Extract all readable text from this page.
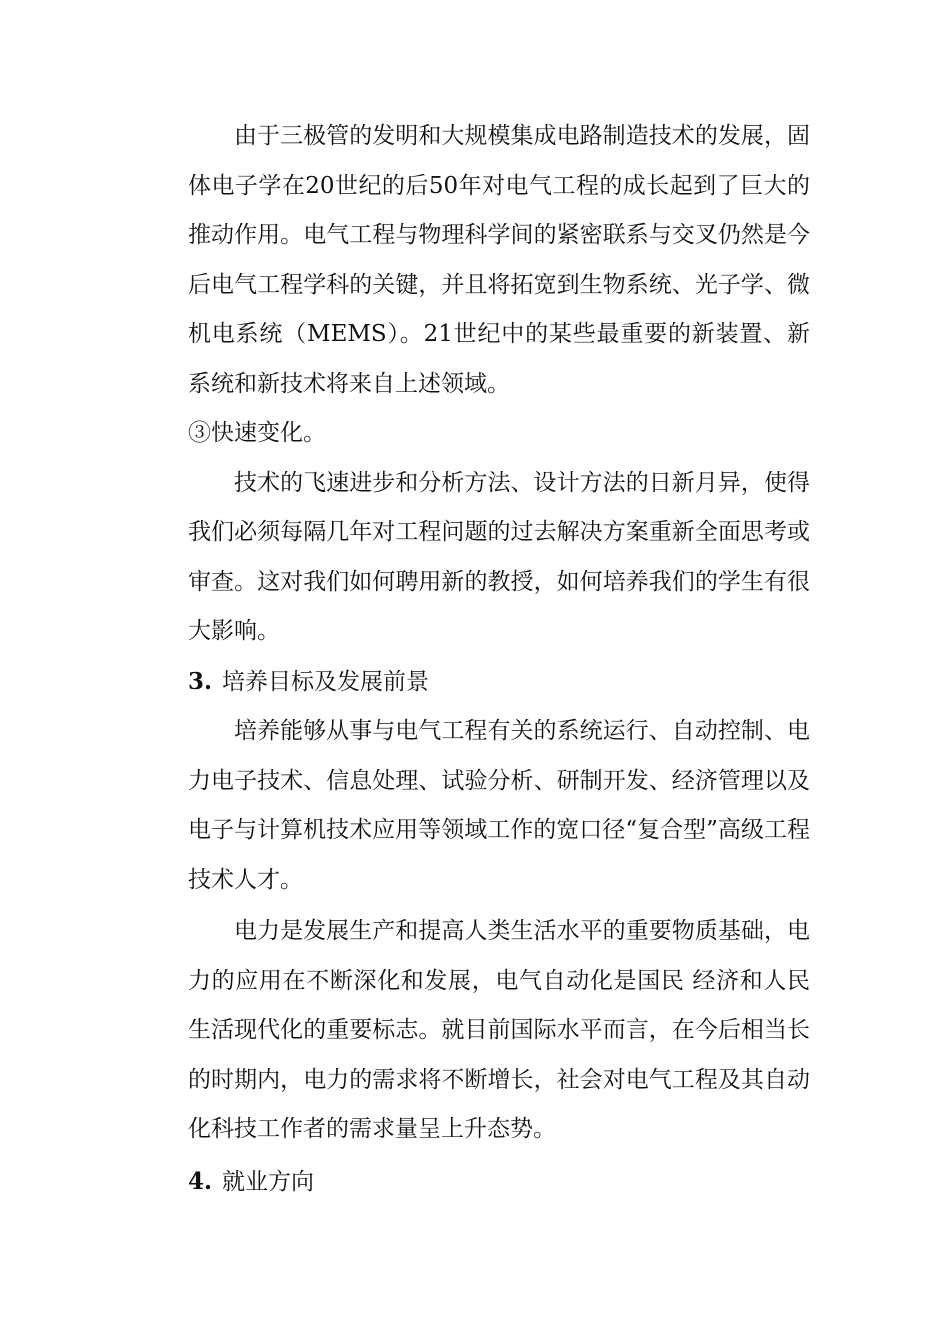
由于三极管的发明和大规模集成电路制造技术的发展，固体电子学在20世纪的后50年对电气工程的成长起到了巨大的推动作用。电气工程与物理科学间的紧密联系与交叉仍然是今后电气工程学科的关键，并且将拓宽到生物系统、光子学、微机电系统（MEMS）。21世纪中的某些最重要的新装置、新系统和新技术将来自上述领域。

③快速变化。

技术的飞速进步和分析方法、设计方法的日新月异，使得我们必须每隔几年对工程问题的过去解决方案重新全面思考或审查。这对我们如何聘用新的教授，如何培养我们的学生有很大影响。

3. 培养目标及发展前景

培养能够从事与电气工程有关的系统运行、自动控制、电力电子技术、信息处理、试验分析、研制开发、经济管理以及电子与计算机技术应用等领域工作的宽口径“复合型”高级工程技术人才。

电力是发展生产和提高人类生活水平的重要物质基础，电力的应用在不断深化和发展，电气自动化是国民 经济和人民生活现代化的重要标志。就目前国际水平而言，在今后相当长的时期内，电力的需求将不断增长，社会对电气工程及其自动化科技工作者的需求量呈上升态势。

4. 就业方向
